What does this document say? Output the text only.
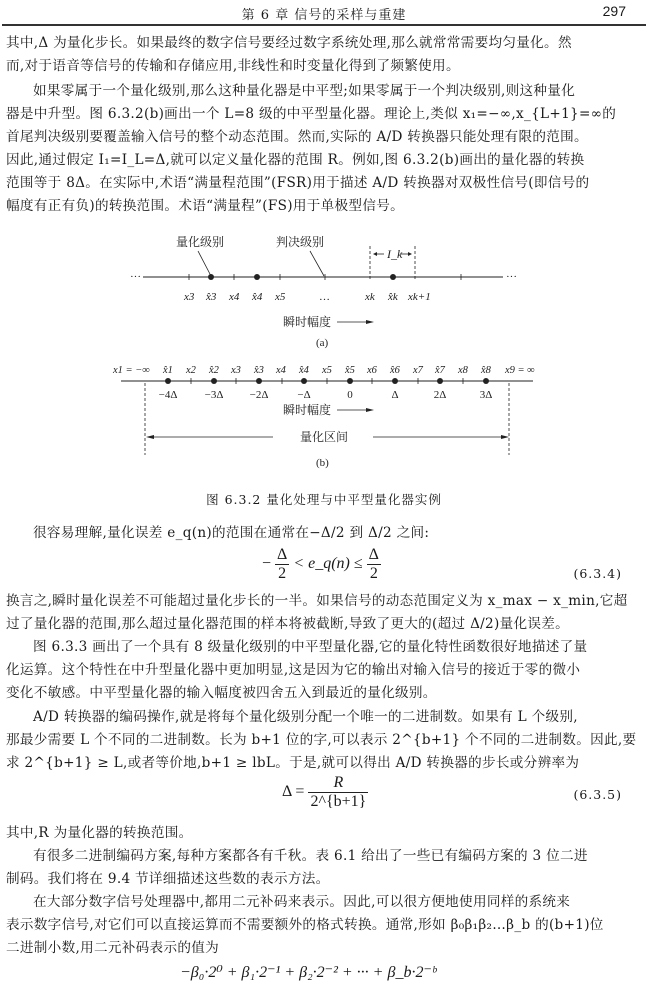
第 6 章 信号的采样与重建	297
其中,Δ 为量化步长。如果最终的数字信号要经过数字系统处理,那么就常常需要均匀量化。然
而,对于语音等信号的传输和存储应用,非线性和时变量化得到了频繁使用。
如果零属于一个量化级别,那么这种量化器是中平型;如果零属于一个判决级别,则这种量化
器是中升型。图 6.3.2(b)画出一个 L=8 级的中平型量化器。理论上,类似 x₁=−∞,x_{L+1}=∞的
首尾判决级别要覆盖输入信号的整个动态范围。然而,实际的 A/D 转换器只能处理有限的范围。
因此,通过假定 I₁=I_L=Δ,就可以定义量化器的范围 R。例如,图 6.3.2(b)画出的量化器的转换
范围等于 8Δ。在实际中,术语“满量程范围”(FSR)用于描述 A/D 转换器对双极性信号(即信号的
幅度有正有负)的转换范围。术语“满量程”(FS)用于单极型信号。
量化级别	判决级别
···	···
I_k
x3 x̂3 x4 x̂4 x5	…	xk x̂k xk+1
瞬时幅度
(a)
x1 = −∞	x2	x3	x4	x5	x6	x7	x8	x9 = ∞
x̂1	x̂2	x̂3	x̂4	x̂5	x̂6	x̂7	x̂8
−4Δ −3Δ −2Δ	−Δ	0	Δ	2Δ	3Δ
瞬时幅度
量化区间
(b)
图 6.3.2 量化处理与中平型量化器实例
很容易理解,量化误差 e_q(n)的范围在通常在−Δ/2 到 Δ/2 之间:
− $\frac{\Delta}{2}$ < e_q(n) ≤ $\frac{\Delta}{2}$	(6.3.4)
换言之,瞬时量化误差不可能超过量化步长的一半。如果信号的动态范围定义为 x_max − x_min,它超
过了量化器的范围,那么超过量化器范围的样本将被截断,导致了更大的(超过 Δ/2)量化误差。
图 6.3.3 画出了一个具有 8 级量化级别的中平型量化器,它的量化特性函数很好地描述了量
化运算。这个特性在中升型量化器中更加明显,这是因为它的输出对输入信号的接近于零的微小
变化不敏感。中平型量化器的输入幅度被四舍五入到最近的量化级别。
A/D 转换器的编码操作,就是将每个量化级别分配一个唯一的二进制数。如果有 L 个级别,
那最少需要 L 个不同的二进制数。长为 b+1 位的字,可以表示 2^{b+1} 个不同的二进制数。因此,要
求 2^{b+1} ≥ L,或者等价地,b+1 ≥ lbL。于是,就可以得出 A/D 转换器的步长或分辨率为
$\Delta = \frac{R}{2\^{}\{b+1\}}$	(6.3.5)
其中,R 为量化器的转换范围。
有很多二进制编码方案,每种方案都各有千秋。表 6.1 给出了一些已有编码方案的 3 位二进
制码。我们将在 9.4 节详细描述这些数的表示方法。
在大部分数字信号处理器中,都用二元补码来表示。因此,可以很方便地使用同样的系统来
表示数字信号,对它们可以直接运算而不需要额外的格式转换。通常,形如 β₀β₁β₂…β_b 的(b+1)位
二进制小数,用二元补码表示的值为
−β₀·2⁰ + β₁·2⁻¹ + β₂·2⁻² + ··· + β_b·2⁻ᵇ
